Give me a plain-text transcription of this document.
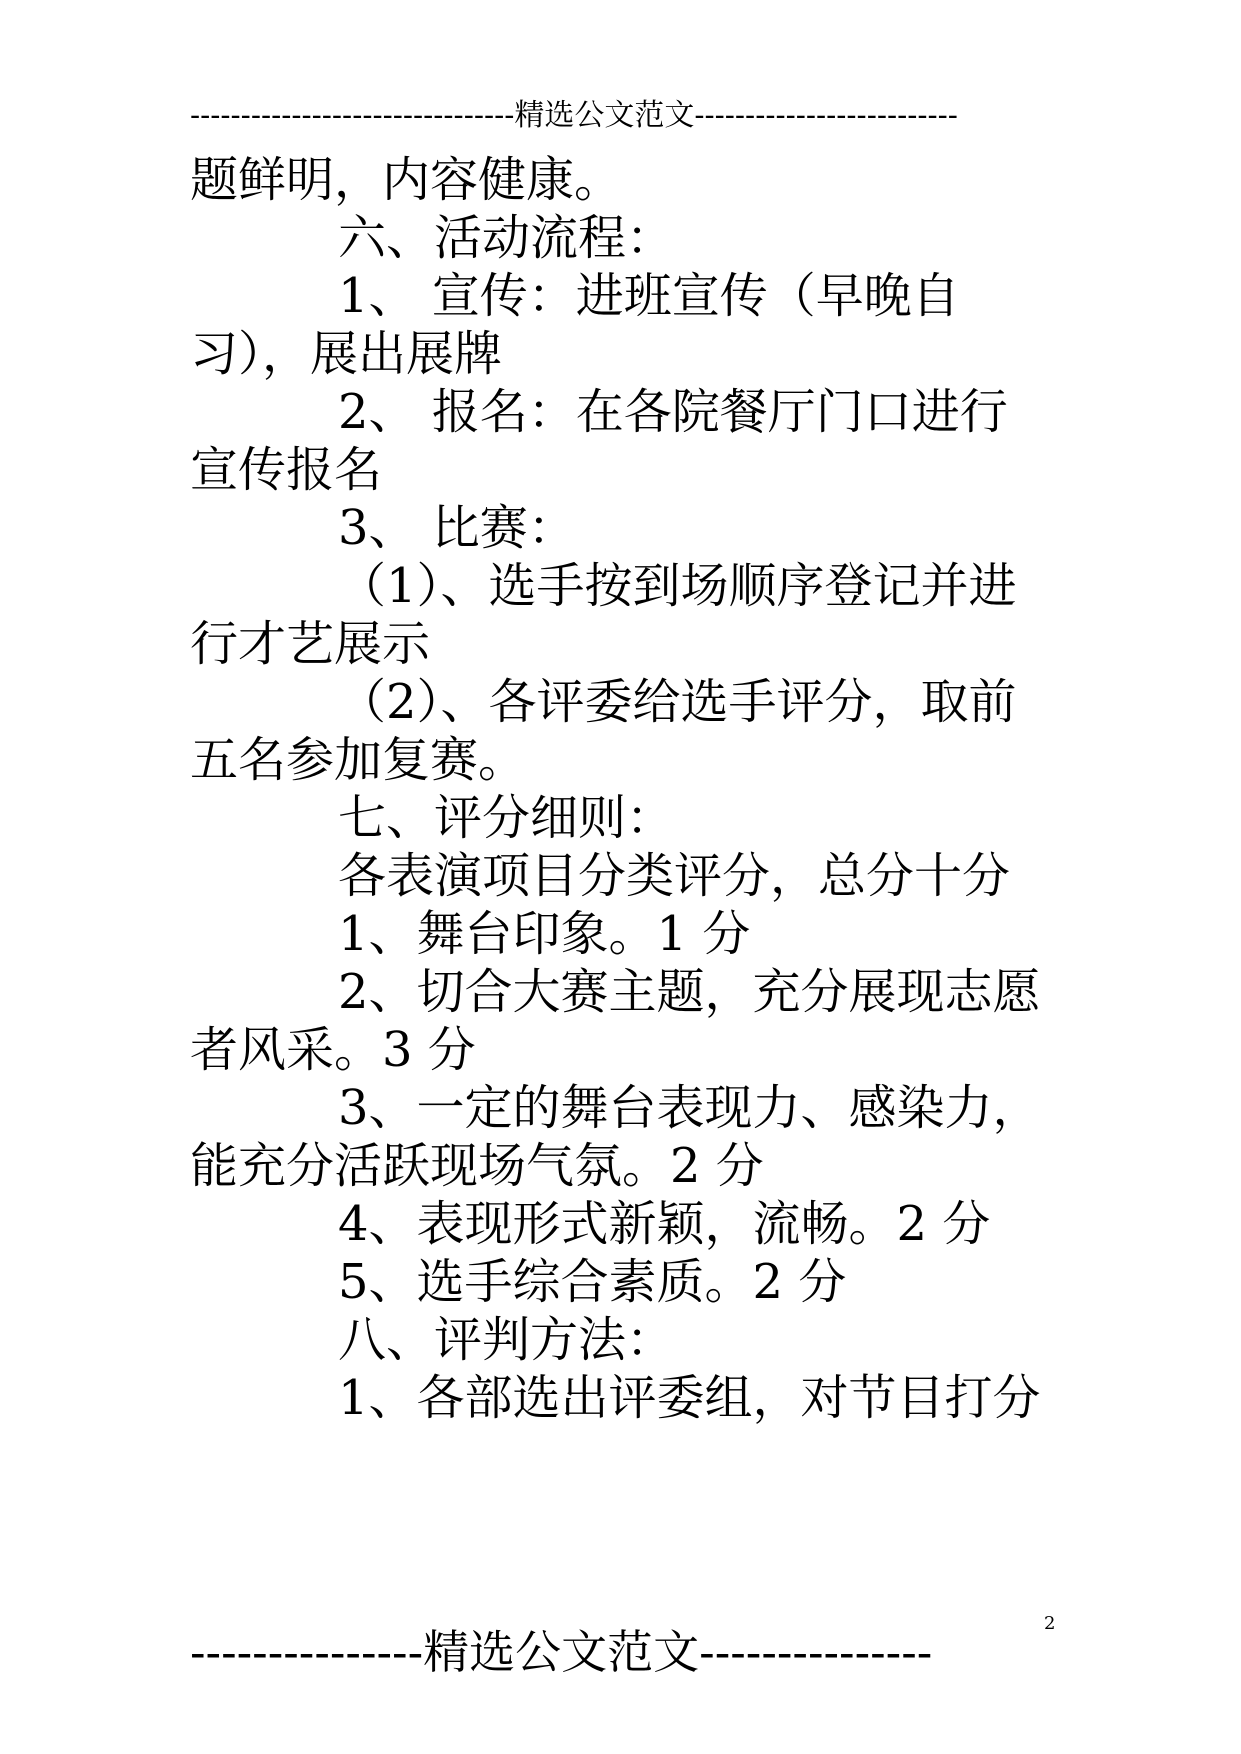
--------------------------------精选公文范文--------------------------
题鲜明，内容健康。
六、活动流程：
1、 宣传：进班宣传（早晚自
习），展出展牌
2、 报名：在各院餐厅门口进行
宣传报名
3、 比赛：
（1）、选手按到场顺序登记并进
行才艺展示
（2）、各评委给选手评分，取前
五名参加复赛。
七、评分细则：
各表演项目分类评分，总分十分
1、舞台印象。1 分
2、切合大赛主题，充分展现志愿
者风采。3 分
3、一定的舞台表现力、感染力，
能充分活跃现场气氛。2 分
4、表现形式新颖，流畅。2 分
5、选手综合素质。2 分
八、评判方法：
1、各部选出评委组，对节目打分
---------------精选公文范文---------------
2
